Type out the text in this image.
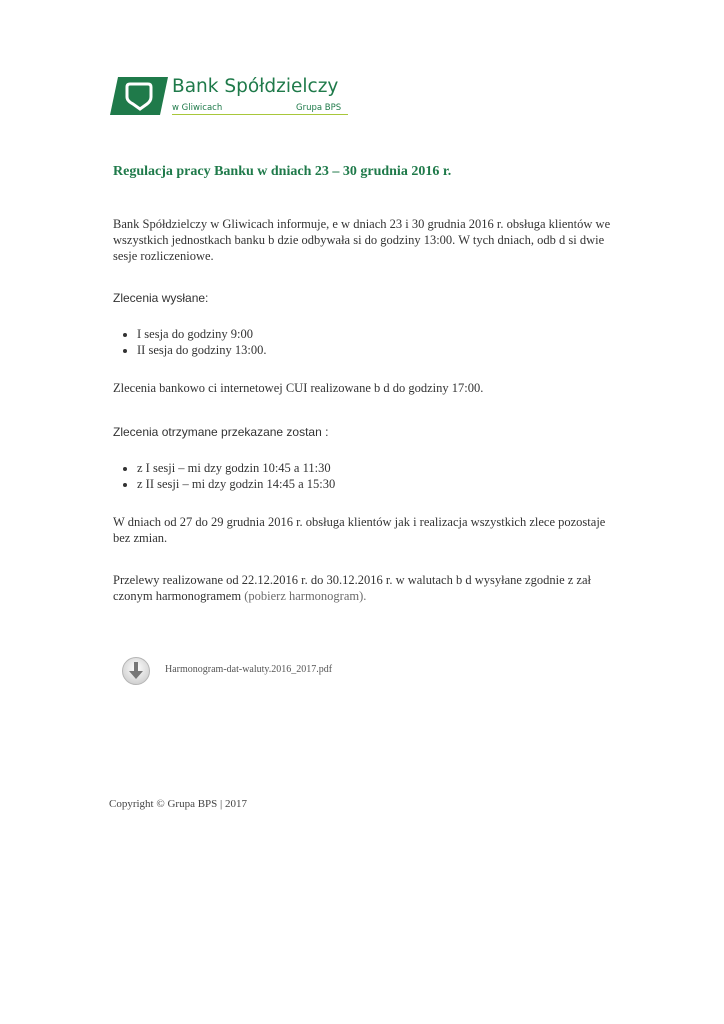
Bank Spółdzielczy
w Gliwicach	Grupa BPS
Regulacja pracy Banku w dniach 23 – 30 grudnia 2016 r.

Bank Spółdzielczy w Gliwicach informuje, e w dniach 23 i 30 grudnia 2016 r. obsługa klientów we wszystkich jednostkach banku b dzie odbywała si do godziny 13:00. W tych dniach, odb d si dwie sesje rozliczeniowe.

Zlecenia wysłane:

I sesja do godziny 9:00
II sesja do godziny 13:00.

Zlecenia bankowo ci internetowej CUI realizowane b d do godziny 17:00.

Zlecenia otrzymane przekazane zostan :

z I sesji – mi dzy godzin 10:45 a 11:30
z II sesji – mi dzy godzin 14:45 a 15:30

W dniach od 27 do 29 grudnia 2016 r. obsługa klientów jak i realizacja wszystkich zlece pozostaje bez zmian.

Przelewy realizowane od 22.12.2016 r. do 30.12.2016 r. w walutach b d wysyłane zgodnie z zał czonym harmonogramem (pobierz harmonogram).

Harmonogram-dat-waluty.2016_2017.pdf
Copyright © Grupa BPS | 2017
